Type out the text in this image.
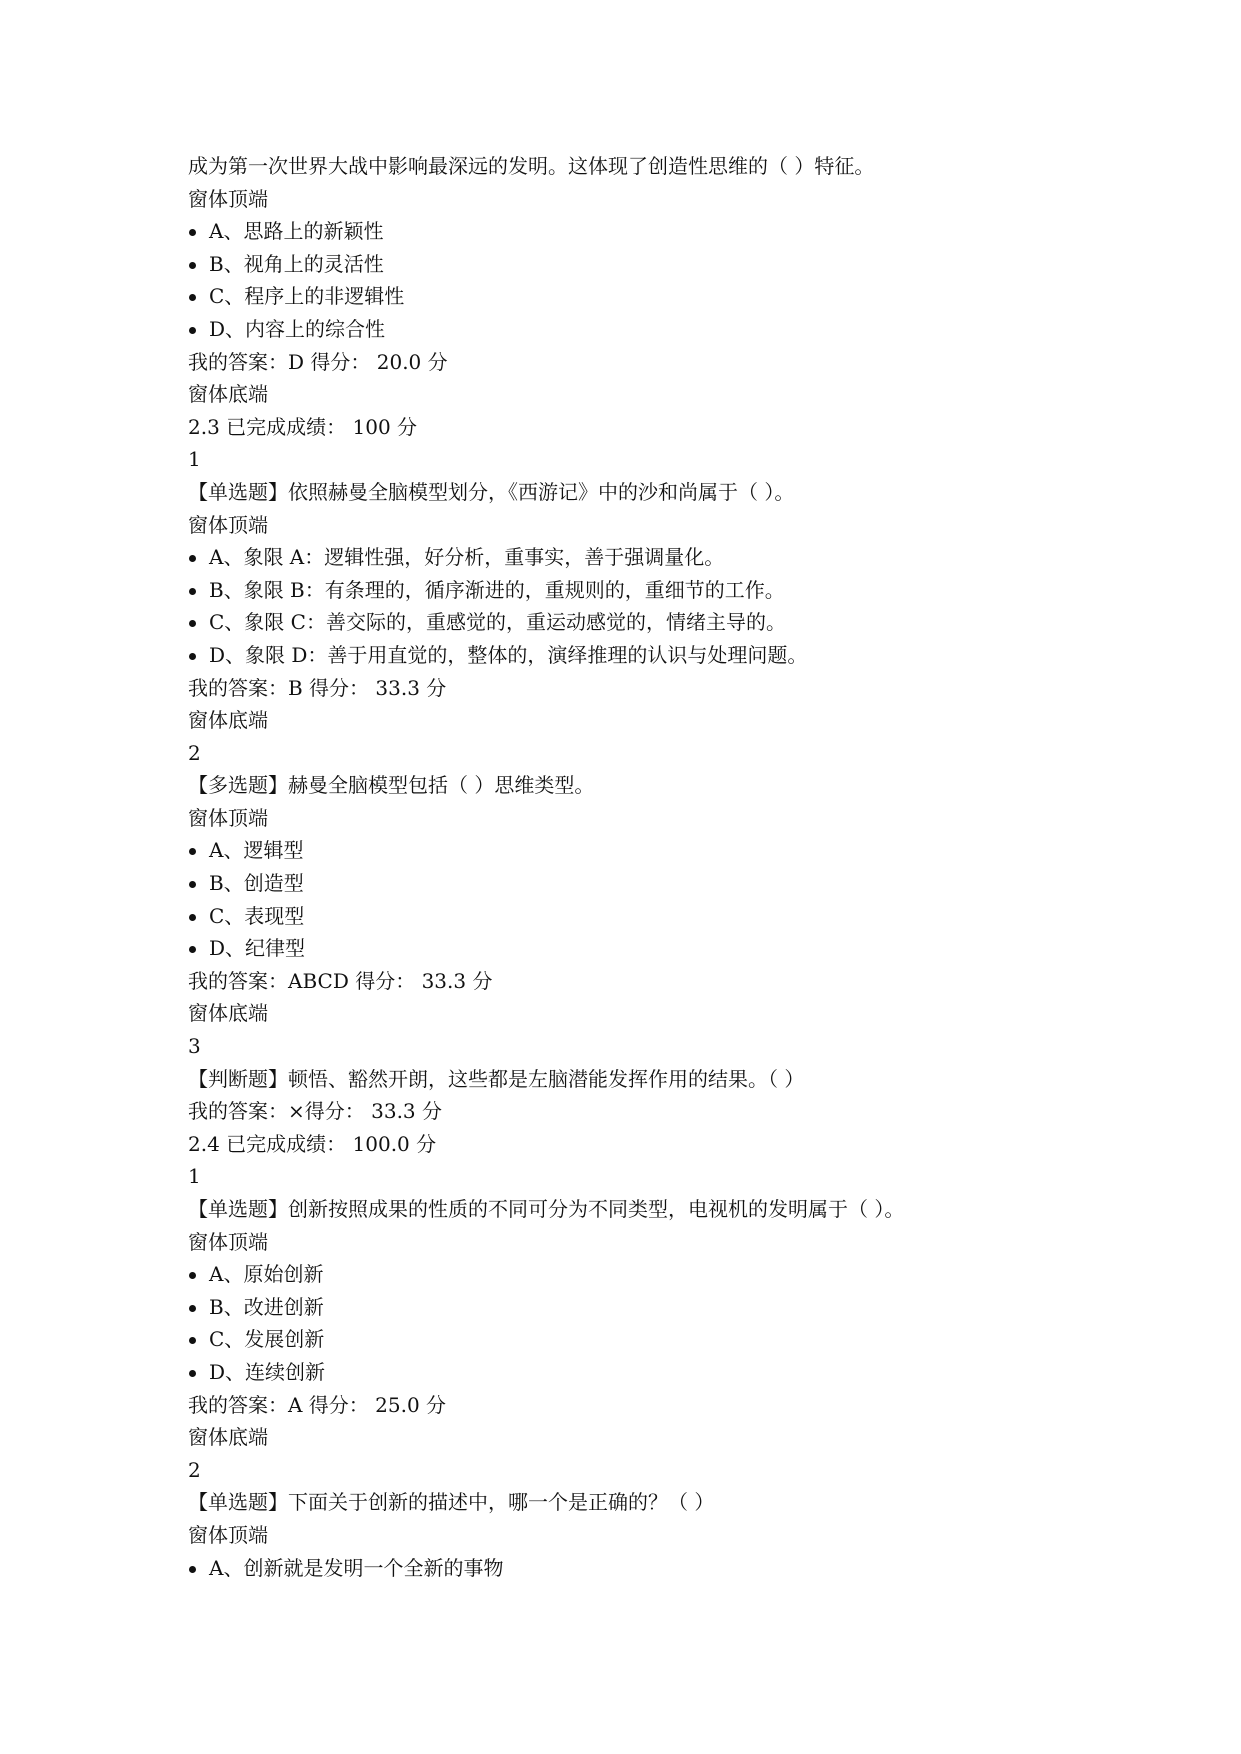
成为第一次世界大战中影响最深远的发明。这体现了创造性思维的（ ）特征。
窗体顶端
A、思路上的新颖性
B、视角上的灵活性
C、程序上的非逻辑性
D、内容上的综合性
我的答案：D 得分： 20.0 分
窗体底端
2.3 已完成成绩： 100 分
1
【单选题】依照赫曼全脑模型划分，《西游记》中的沙和尚属于（ ）。
窗体顶端
A、象限 A：逻辑性强，好分析，重事实，善于强调量化。
B、象限 B：有条理的，循序渐进的，重规则的，重细节的工作。
C、象限 C：善交际的，重感觉的，重运动感觉的，情绪主导的。
D、象限 D：善于用直觉的，整体的，演绎推理的认识与处理问题。
我的答案：B 得分： 33.3 分
窗体底端
2
【多选题】赫曼全脑模型包括（ ）思维类型。
窗体顶端
A、逻辑型
B、创造型
C、表现型
D、纪律型
我的答案：ABCD 得分： 33.3 分
窗体底端
3
【判断题】顿悟、豁然开朗，这些都是左脑潜能发挥作用的结果。（ ）
我的答案：×得分： 33.3 分
2.4 已完成成绩： 100.0 分
1
【单选题】创新按照成果的性质的不同可分为不同类型，电视机的发明属于（ ）。
窗体顶端
A、原始创新
B、改进创新
C、发展创新
D、连续创新
我的答案：A 得分： 25.0 分
窗体底端
2
【单选题】下面关于创新的描述中，哪一个是正确的？（ ）
窗体顶端
A、创新就是发明一个全新的事物
